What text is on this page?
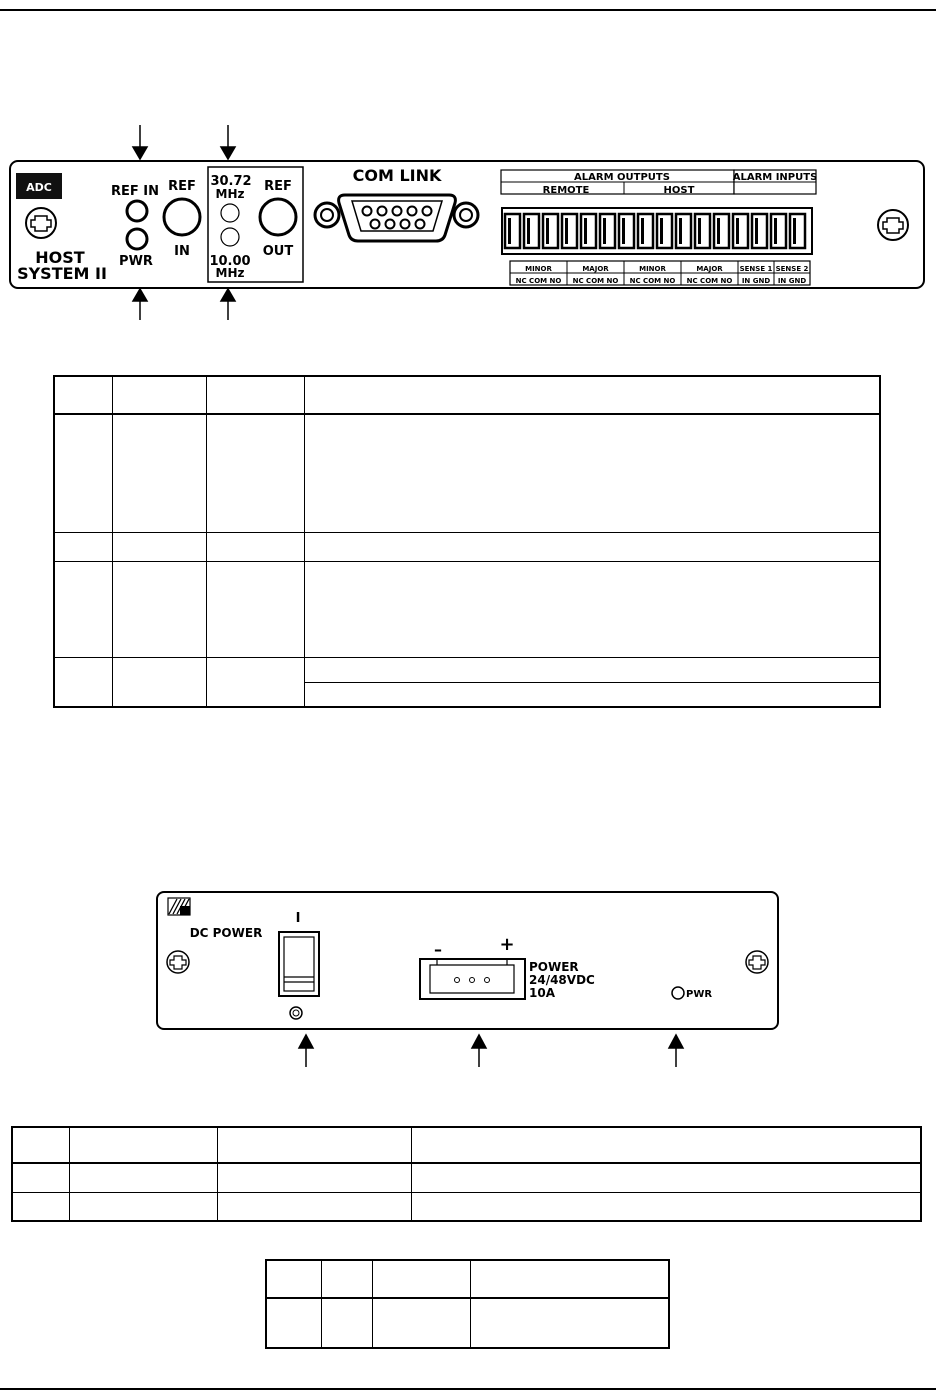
ADC
HOST
SYSTEM II
REF IN
PWR
REF
IN
30.72
MHz
10.00
MHz
REF
OUT
COM LINK	ALARM OUTPUTS
REMOTE	HOST
ALARM INPUTS
MINOR
NC COM NO
MAJOR
NC COM NO
MINOR
NC COM NO
MAJOR
NC COM NO
SENSE 1
IN GND
SENSE 2
IN GND

DC POWER
I
–	+
POWER
24/48VDC
10A	PWR
